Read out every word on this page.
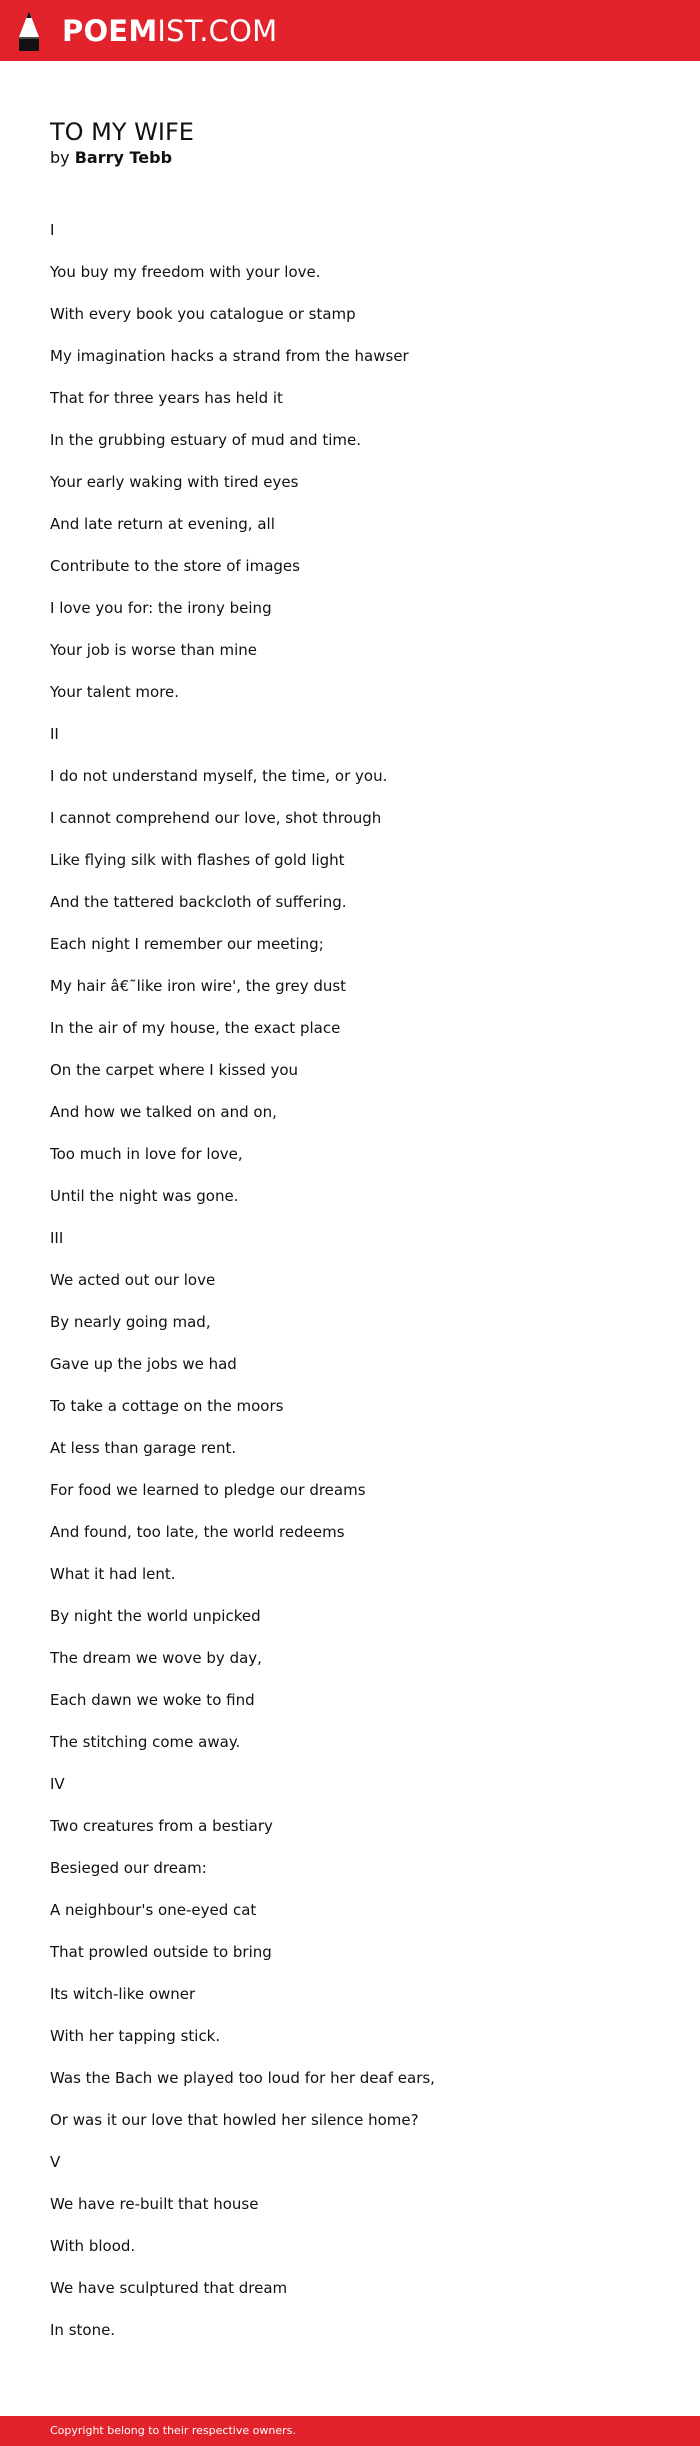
POEMIST.COM
TO MY WIFE

by Barry Tebb

I
You buy my freedom with your love.
With every book you catalogue or stamp
My imagination hacks a strand from the hawser
That for three years has held it
In the grubbing estuary of mud and time.
Your early waking with tired eyes
And late return at evening, all
Contribute to the store of images
I love you for: the irony being
Your job is worse than mine
Your talent more.
II
I do not understand myself, the time, or you.
I cannot comprehend our love, shot through
Like flying silk with flashes of gold light
And the tattered backcloth of suffering.
Each night I remember our meeting;
My hair â€˜like iron wire', the grey dust
In the air of my house, the exact place
On the carpet where I kissed you
And how we talked on and on,
Too much in love for love,
Until the night was gone.
III
We acted out our love
By nearly going mad,
Gave up the jobs we had
To take a cottage on the moors
At less than garage rent.
For food we learned to pledge our dreams
And found, too late, the world redeems
What it had lent.
By night the world unpicked
The dream we wove by day,
Each dawn we woke to find
The stitching come away.
IV
Two creatures from a bestiary
Besieged our dream:
A neighbour's one-eyed cat
That prowled outside to bring
Its witch-like owner
With her tapping stick.
Was the Bach we played too loud for her deaf ears,
Or was it our love that howled her silence home?
V
We have re-built that house
With blood.
We have sculptured that dream
In stone.
Copyright belong to their respective owners.
